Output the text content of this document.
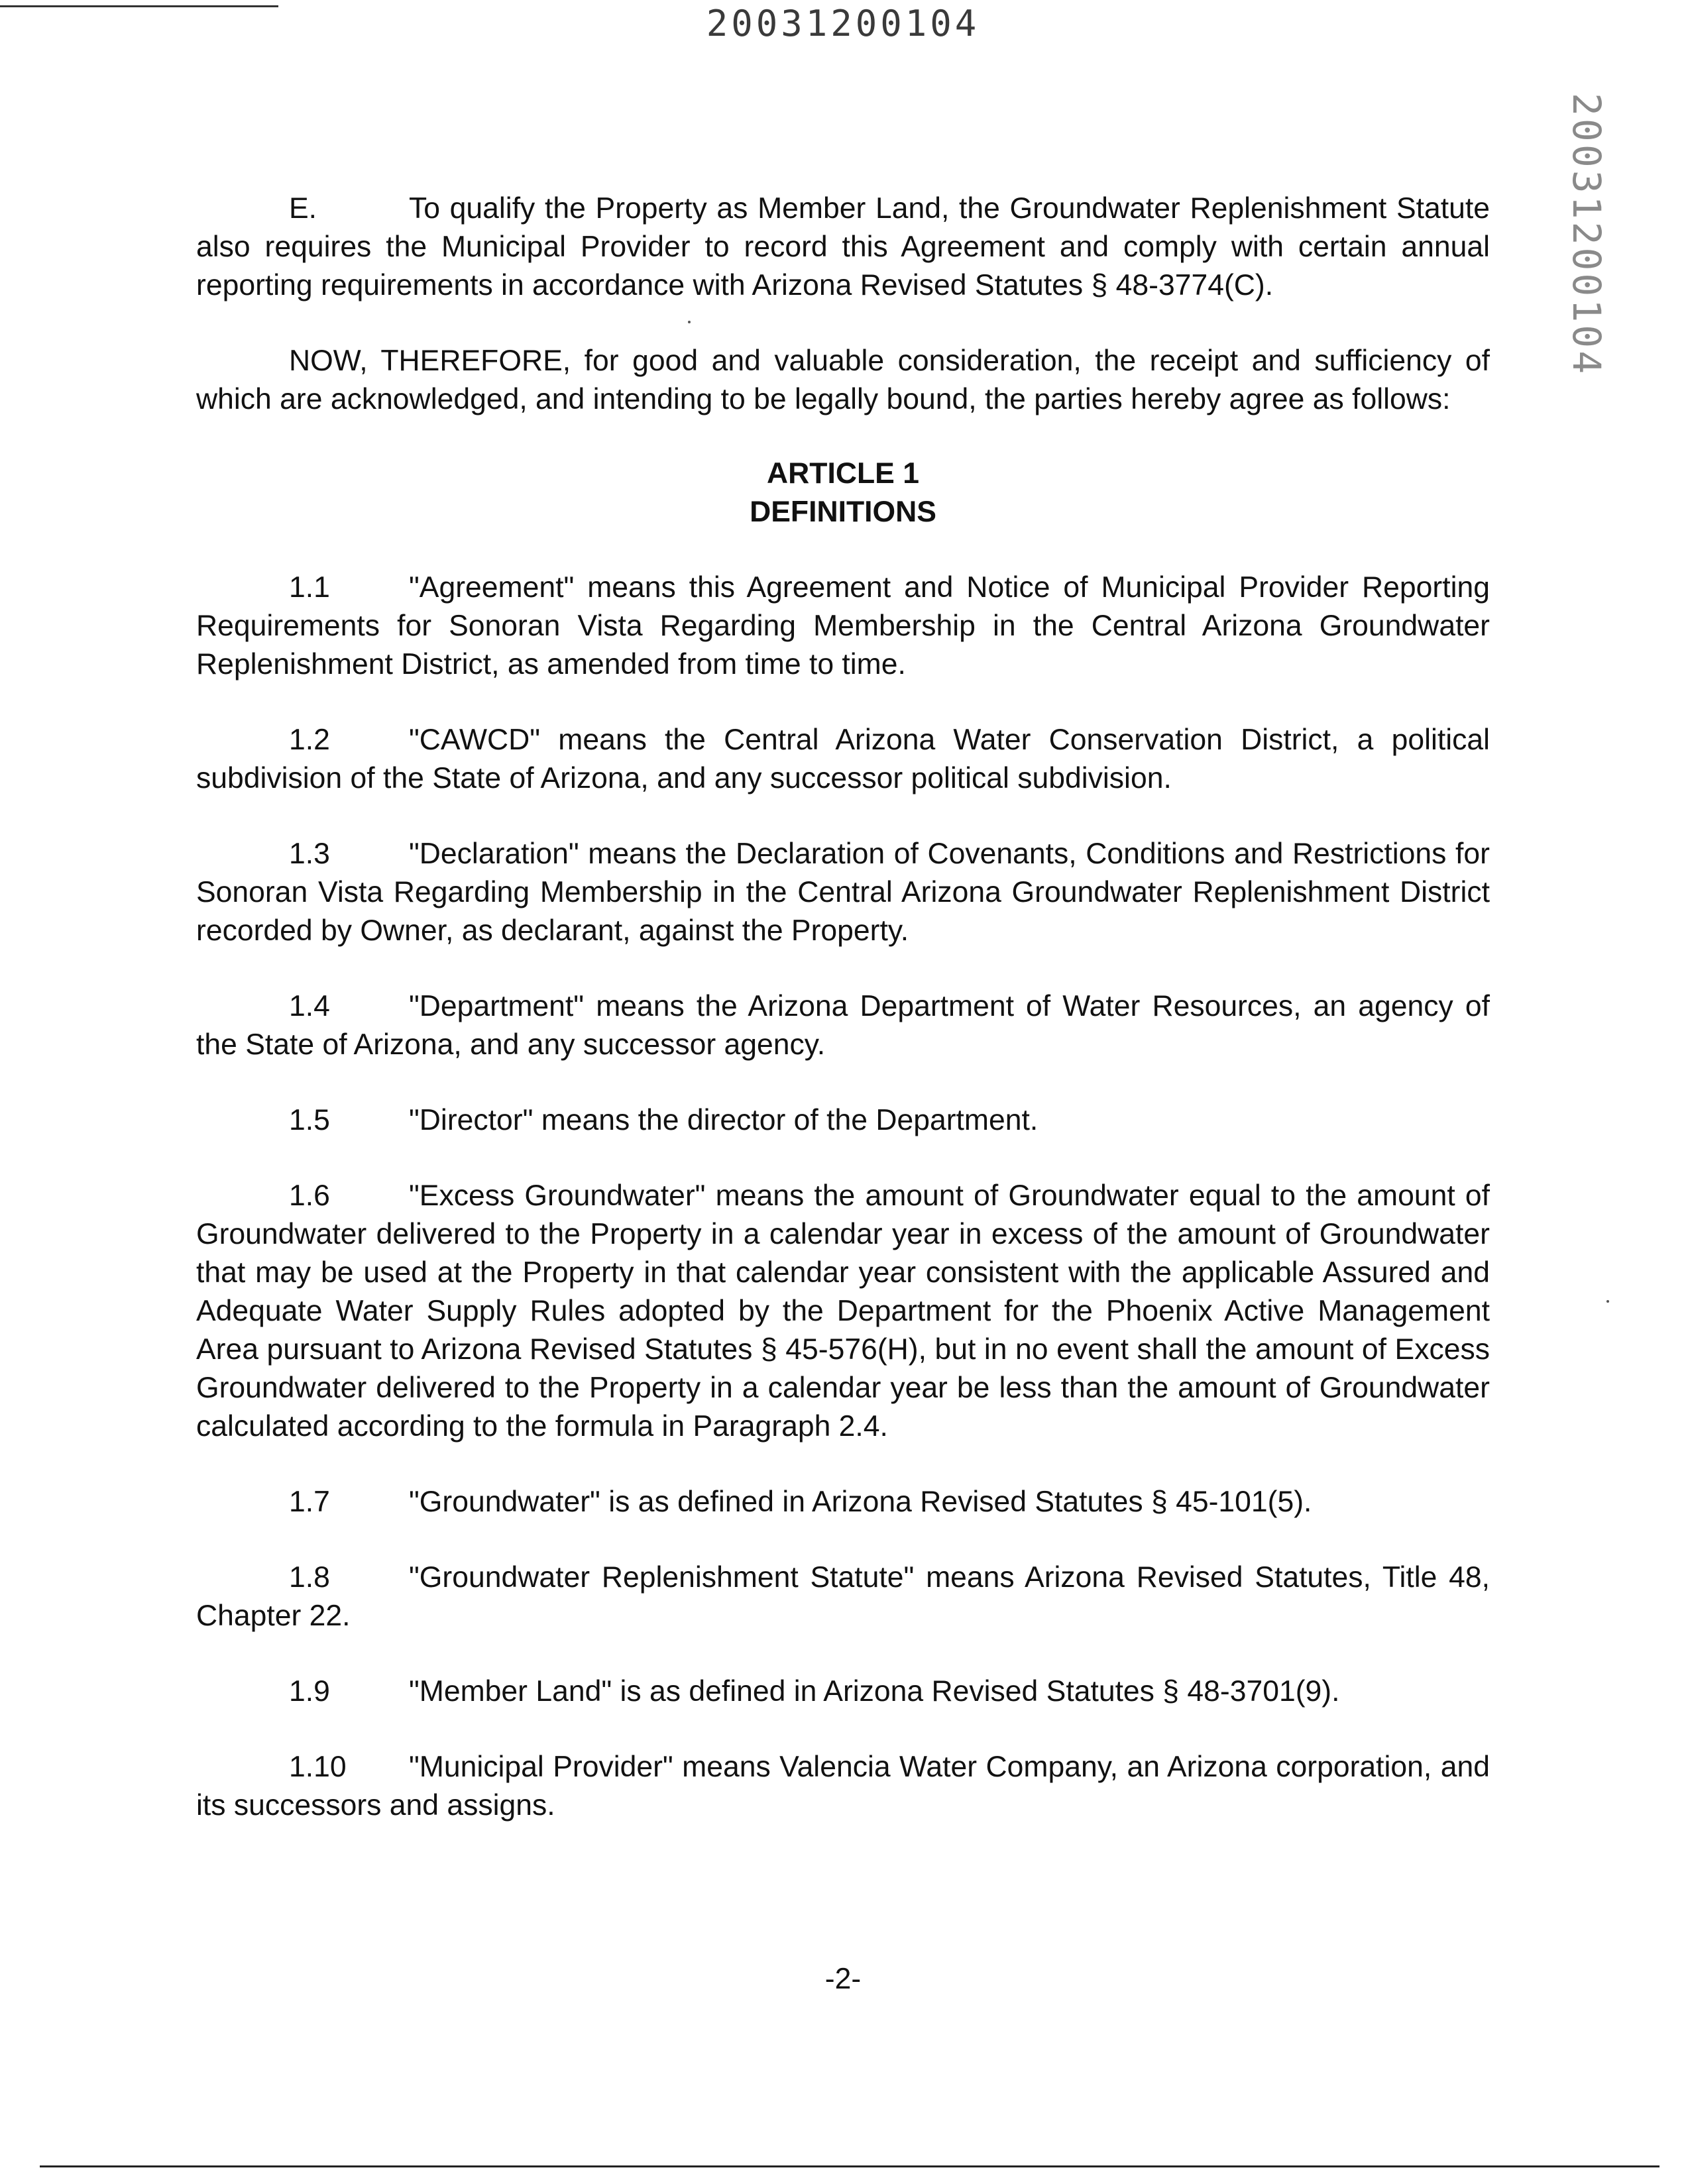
20031200104
20031200104

E.	To qualify the Property as Member Land, the Groundwater Replenishment Statute also requires the Municipal Provider to record this Agreement and comply with certain annual reporting requirements in accordance with Arizona Revised Statutes § 48-3774(C).

NOW, THEREFORE, for good and valuable consideration, the receipt and sufficiency of which are acknowledged, and intending to be legally bound, the parties hereby agree as follows:

ARTICLE 1
DEFINITIONS

1.1	"Agreement" means this Agreement and Notice of Municipal Provider Reporting Requirements for Sonoran Vista Regarding Membership in the Central Arizona Groundwater Replenishment District, as amended from time to time.

1.2	"CAWCD" means the Central Arizona Water Conservation District, a political subdivision of the State of Arizona, and any successor political subdivision.

1.3	"Declaration" means the Declaration of Covenants, Conditions and Restrictions for Sonoran Vista Regarding Membership in the Central Arizona Groundwater Replenishment District recorded by Owner, as declarant, against the Property.

1.4	"Department" means the Arizona Department of Water Resources, an agency of the State of Arizona, and any successor agency.

1.5	"Director" means the director of the Department.

1.6	"Excess Groundwater" means the amount of Groundwater equal to the amount of Groundwater delivered to the Property in a calendar year in excess of the amount of Groundwater that may be used at the Property in that calendar year consistent with the applicable Assured and Adequate Water Supply Rules adopted by the Department for the Phoenix Active Management Area pursuant to Arizona Revised Statutes § 45-576(H), but in no event shall the amount of Excess Groundwater delivered to the Property in a calendar year be less than the amount of Groundwater calculated according to the formula in Paragraph 2.4.

1.7	"Groundwater" is as defined in Arizona Revised Statutes § 45-101(5).

1.8	"Groundwater Replenishment Statute" means Arizona Revised Statutes, Title 48, Chapter 22.

1.9	"Member Land" is as defined in Arizona Revised Statutes § 48-3701(9).

1.10 "Municipal Provider" means Valencia Water Company, an Arizona corporation, and its successors and assigns.

-2-
